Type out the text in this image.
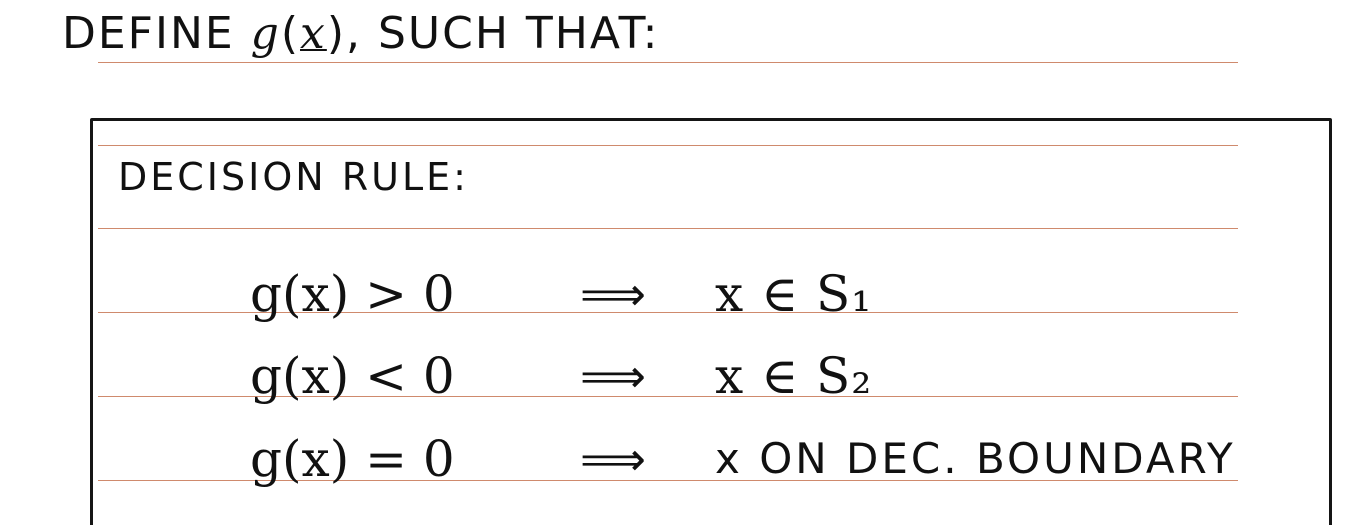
DEFINE g(x), SUCH THAT:
DECISION RULE:
g(x) > 0	⟹ x ∈ S₁
g(x) < 0	⟹ x ∈ S₂
g(x) = 0	⟹ x ON DEC. BOUNDARY
